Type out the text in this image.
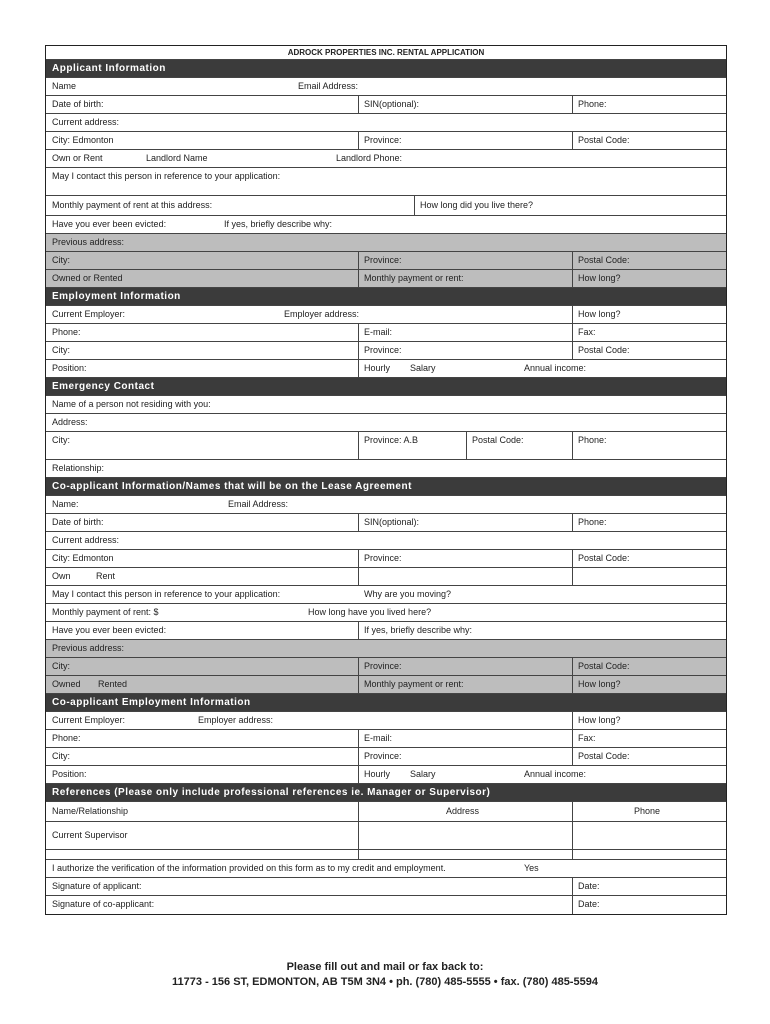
ADROCK PROPERTIES INC. RENTAL APPLICATION
Applicant Information
Name	Email Address:
Date of birth:	SIN(optional):	Phone:
Current address:
City: Edmonton	Province:	Postal Code:
Own or Rent	Landlord Name	Landlord Phone:
May I contact this person in reference to your application:
Monthly payment of rent at this address:	How long did you live there?
Have you ever been evicted:	If yes, briefly describe why:
Previous address:
City:	Province:	Postal Code:
Owned or Rented	Monthly payment or rent:	How long?
Employment Information
Current Employer:	Employer address:	How long?
Phone:	E-mail:	Fax:
City:	Province:	Postal Code:
Position:	Hourly Salary	Annual income:
Emergency Contact
Name of a person not residing with you:
Address:
City:	Province: A.B	Postal Code:	Phone:
Relationship:
Co-applicant Information/Names that will be on the Lease Agreement
Name:	Email Address:
Date of birth:	SIN(optional):	Phone:
Current address:
City: Edmonton	Province:	Postal Code:
Own	Rent
May I contact this person in reference to your application:	Why are you moving?
Monthly payment of rent: $	How long have you lived here?
Have you ever been evicted:	If yes, briefly describe why:
Previous address:
City:	Province:	Postal Code:
Owned Rented	Monthly payment or rent:	How long?
Co-applicant Employment Information
Current Employer:	Employer address:	How long?
Phone:	E-mail:	Fax:
City:	Province:	Postal Code:
Position:	Hourly Salary	Annual income:
References (Please only include professional references ie. Manager or Supervisor)
Name/Relationship	Address	Phone
Current Supervisor
I authorize the verification of the information provided on this form as to my credit and employment.	Yes
Signature of applicant:	Date:
Signature of co-applicant:	Date:
Please fill out and mail or fax back to:
11773 - 156 ST, EDMONTON, AB T5M 3N4 • ph. (780) 485-5555 • fax. (780) 485-5594
